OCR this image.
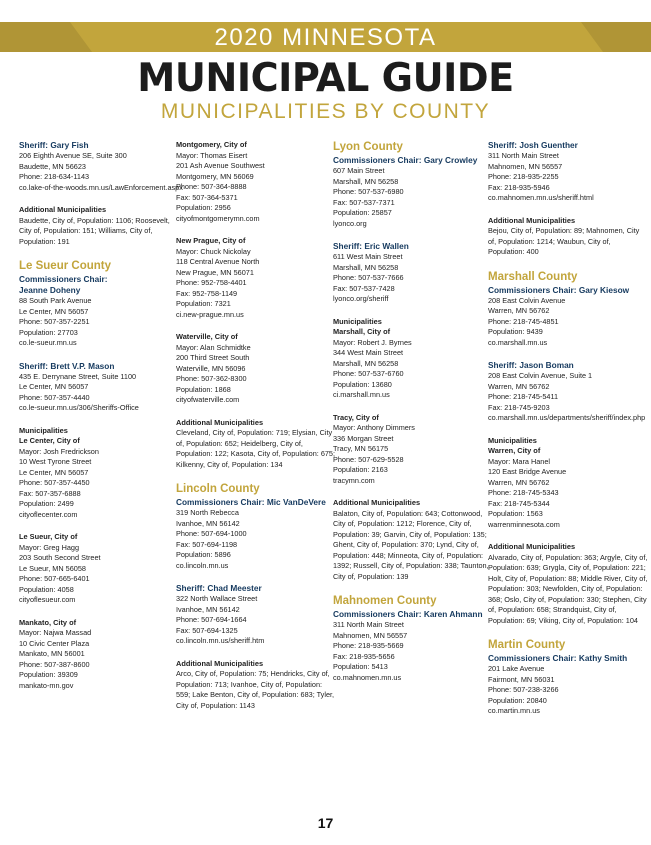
2020 MINNESOTA
MUNICIPAL GUIDE
MUNICIPALITIES BY COUNTY
Sheriff: Gary Fish
206 Eighth Avenue SE, Suite 300
Baudette, MN 56623
Phone: 218-634-1143
co.lake-of-the-woods.mn.us/LawEnforcement.aspx
Additional Municipalities
Baudette, City of, Population: 1106; Roosevelt, City of, Population: 151; Williams, City of, Population: 191
Le Sueur County
Commissioners Chair:
Jeanne Doheny
88 South Park Avenue
Le Center, MN 56057
Phone: 507-357-2251
Population: 27703
co.le-sueur.mn.us
Sheriff: Brett V.P. Mason
435 E. Derrynane Street, Suite 1100
Le Center, MN 56057
Phone: 507-357-4440
co.le-sueur.mn.us/306/Sheriffs-Office
Municipalities
Le Center, City of
Mayor: Josh Fredrickson
10 West Tyrone Street
Le Center, MN 56057
Phone: 507-357-4450
Fax: 507-357-6888
Population: 2499
cityoflecenter.com
Le Sueur, City of
Mayor: Greg Hagg
203 South Second Street
Le Sueur, MN 56058
Phone: 507-665-6401
Population: 4058
cityoflesueur.com
Mankato, City of
Mayor: Najwa Massad
10 Civic Center Plaza
Mankato, MN 56001
Phone: 507-387-8600
Population: 39309
mankato-mn.gov
Montgomery, City of
Mayor: Thomas Eisert
201 Ash Avenue Southwest
Montgomery, MN 56069
Phone: 507-364-8888
Fax: 507-364-5371
Population: 2956
cityofmontgomerymn.com
New Prague, City of
Mayor: Chuck Nickolay
118 Central Avenue North
New Prague, MN 56071
Phone: 952-758-4401
Fax: 952-758-1149
Population: 7321
ci.new-prague.mn.us
Waterville, City of
Mayor: Alan Schmidtke
200 Third Street South
Waterville, MN 56096
Phone: 507-362-8300
Population: 1868
cityofwaterville.com
Additional Municipalities
Cleveland, City of, Population: 719; Elysian, City of, Population: 652; Heidelberg, City of, Population: 122; Kasota, City of, Population: 675; Kilkenny, City of, Population: 134
Lincoln County
Commissioners Chair: Mic VanDeVere
319 North Rebecca
Ivanhoe, MN 56142
Phone: 507-694-1000
Fax: 507-694-1198
Population: 5896
co.lincoln.mn.us
Sheriff: Chad Meester
322 North Wallace Street
Ivanhoe, MN 56142
Phone: 507-694-1664
Fax: 507-694-1325
co.lincoln.mn.us/sheriff.htm
Additional Municipalities
Arco, City of, Population: 75; Hendricks, City of, Population: 713; Ivanhoe, City of, Population: 559; Lake Benton, City of, Population: 683; Tyler, City of, Population: 1143
Lyon County
Commissioners Chair: Gary Crowley
607 Main Street
Marshall, MN 56258
Phone: 507-537-6980
Fax: 507-537-7371
Population: 25857
lyonco.org
Sheriff: Eric Wallen
611 West Main Street
Marshall, MN 56258
Phone: 507-537-7666
Fax: 507-537-7428
lyonco.org/sheriff
Municipalities
Marshall, City of
Mayor: Robert J. Byrnes
344 West Main Street
Marshall, MN 56258
Phone: 507-537-6760
Population: 13680
ci.marshall.mn.us
Tracy, City of
Mayor: Anthony Dimmers
336 Morgan Street
Tracy, MN 56175
Phone: 507-629-5528
Population: 2163
tracymn.com
Additional Municipalities
Balaton, City of, Population: 643; Cottonwood, City of, Population: 1212; Florence, City of, Population: 39; Garvin, City of, Population: 135; Ghent, City of, Population: 370; Lynd, City of, Population: 448; Minneota, City of, Population: 1392; Russell, City of, Population: 338; Taunton, City of, Population: 139
Mahnomen County
Commissioners Chair: Karen Ahmann
311 North Main Street
Mahnomen, MN 56557
Phone: 218-935-5669
Fax: 218-935-5656
Population: 5413
co.mahnomen.mn.us
Sheriff: Josh Guenther
311 North Main Street
Mahnomen, MN 56557
Phone: 218-935-2255
Fax: 218-935-5946
co.mahnomen.mn.us/sheriff.html
Additional Municipalities
Bejou, City of, Population: 89; Mahnomen, City of, Population: 1214; Waubun, City of, Population: 400
Marshall County
Commissioners Chair: Gary Kiesow
208 East Colvin Avenue
Warren, MN 56762
Phone: 218-745-4851
Population: 9439
co.marshall.mn.us
Sheriff: Jason Boman
208 East Colvin Avenue, Suite 1
Warren, MN 56762
Phone: 218-745-5411
Fax: 218-745-9203
co.marshall.mn.us/departments/sheriff/index.php
Municipalities
Warren, City of
Mayor: Mara Hanel
120 East Bridge Avenue
Warren, MN 56762
Phone: 218-745-5343
Fax: 218-745-5344
Population: 1563
warrenminnesota.com
Additional Municipalities
Alvarado, City of, Population: 363; Argyle, City of, Population: 639; Grygla, City of, Population: 221; Holt, City of, Population: 88; Middle River, City of, Population: 303; Newfolden, City of, Population: 368; Oslo, City of, Population: 330; Stephen, City of, Population: 658; Strandquist, City of, Population: 69; Viking, City of, Population: 104
Martin County
Commissioners Chair: Kathy Smith
201 Lake Avenue
Fairmont, MN 56031
Phone: 507-238-3266
Population: 20840
co.martin.mn.us
17
